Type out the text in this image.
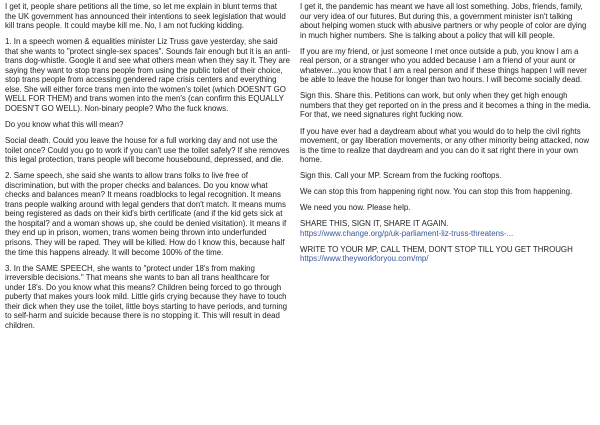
I get it, people share petitions all the time, so let me explain in blunt terms that the UK government has announced their intentions to seek legislation that would kill trans people. It could maybe kill me. No, I am not fucking kidding.

1. In a speech women & equalities minister Liz Truss gave yesterday, she said that she wants to "protect single-sex spaces". Sounds fair enough but it is an anti-trans dog-whistle. Google it and see what others mean when they say it. They are saying they want to stop trans people from using the public toilet of their choice, stop trans people from accessing gendered rape crisis centers and everything else. She will either force trans men into the women's toilet (which DOESN'T GO WELL FOR THEM) and trans women into the men's (can confirm this EQUALLY DOESN'T GO WELL). Non-binary people? Who the fuck knows.

Do you know what this will mean?

Social death. Could you leave the house for a full working day and not use the toilet once? Could you go to work if you can't use the toilet safely? If she removes this legal protection, trans people will become housebound, depressed, and die.

2. Same speech, she said she wants to allow trans folks to live free of discrimination, but with the proper checks and balances. Do you know what checks and balances mean? It means roadblocks to legal recognition. It means trans people walking around with legal genders that don't match. It means mums being registered as dads on their kid's birth certificate (and if the kid gets sick at the hospital? and a woman shows up, she could be denied visitation). It means if they end up in prison, women, trans women being thrown into underfunded prisons. They will be raped. They will be killed. How do I know this, because half the time this happens already. It will become 100% of the time.

3. In the SAME SPEECH, she wants to "protect under 18's from making irreversible decisions." That means she wants to ban all trans healthcare for under 18's. Do you know what this means? Children being forced to go through puberty that makes yours look mild. Little girls crying because they have to touch their dick when they use the toilet, little boys starting to have periods, and turning to self-harm and suicide because there is no stopping it. This will result in dead children.

I get it, the pandemic has meant we have all lost something. Jobs, friends, family, our very idea of our futures. But during this, a government minister isn't talking about helping women stuck with abusive partners or why people of color are dying in much higher numbers. She is talking about a policy that will kill people.

If you are my friend, or just someone I met once outside a pub, you know I am a real person, or a stranger who you added because I am a friend of your aunt or whatever...you know that I am a real person and if these things happen I will never be able to leave the house for longer than two hours. I will become socially dead.

Sign this. Share this. Petitions can work, but only when they get high enough numbers that they get reported on in the press and it becomes a thing in the media. For that, we need signatures right fucking now.

If you have ever had a daydream about what you would do to help the civil rights movement, or gay liberation movements, or any other minority being attacked, now is the time to realize that daydream and you can do it sat right there in your own home.

Sign this. Call your MP. Scream from the fucking rooftops.

We can stop this from happening right now. You can stop this from happening.

We need you now. Please help.

SHARE THIS, SIGN IT, SHARE IT AGAIN.
https://www.change.org/p/uk-parliament-liz-truss-threatens-...

WRITE TO YOUR MP, CALL THEM, DON'T STOP TILL YOU GET THROUGH
https://www.theyworkforyou.com/mp/
